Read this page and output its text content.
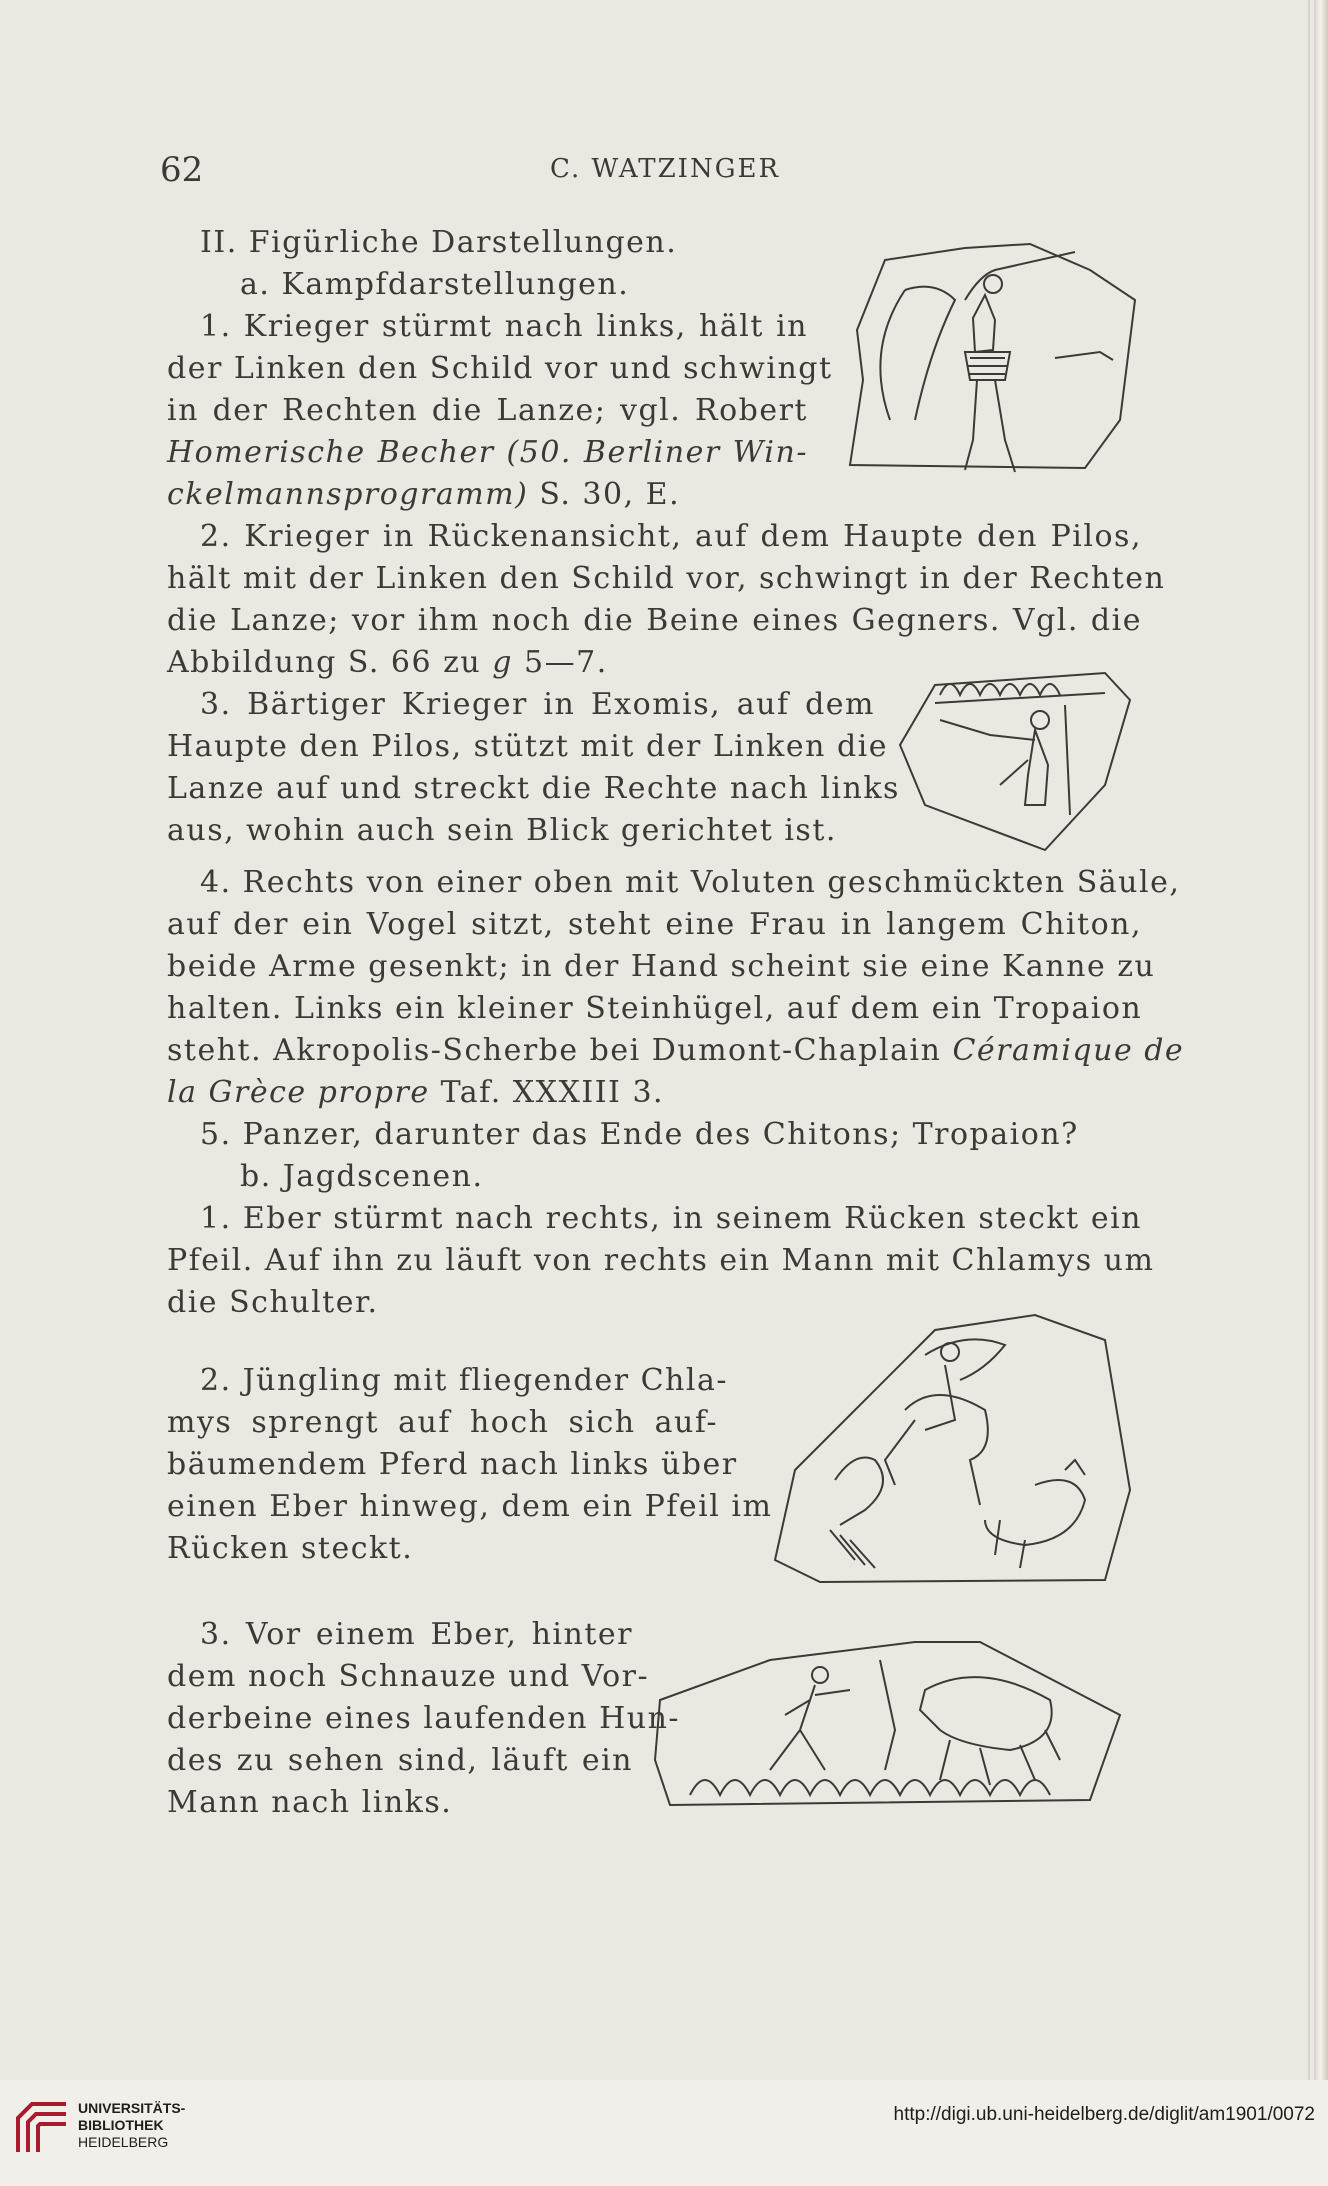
62	C. WATZINGER

II. Figürliche Darstellungen.

a. Kampfdarstellungen.

1. Krieger stürmt nach links, hält in

der Linken den Schild vor und schwingt

in der Rechten die Lanze; vgl. Robert

Homerische Becher (50. Berliner Win-

ckelmannsprogramm) S. 30, E.

2. Krieger in Rückenansicht, auf dem Haupte den Pilos,

hält mit der Linken den Schild vor, schwingt in der Rechten

die Lanze; vor ihm noch die Beine eines Gegners. Vgl. die

Abbildung S. 66 zu g 5—7.

3. Bärtiger Krieger in Exomis, auf dem

Haupte den Pilos, stützt mit der Linken die

Lanze auf und streckt die Rechte nach links

aus, wohin auch sein Blick gerichtet ist.

4. Rechts von einer oben mit Voluten geschmückten Säule,

auf der ein Vogel sitzt, steht eine Frau in langem Chiton,

beide Arme gesenkt; in der Hand scheint sie eine Kanne zu

halten. Links ein kleiner Steinhügel, auf dem ein Tropaion

steht. Akropolis-Scherbe bei Dumont-Chaplain Céramique de

la Grèce propre Taf. XXXIII 3.

5. Panzer, darunter das Ende des Chitons; Tropaion?

b. Jagdscenen.

1. Eber stürmt nach rechts, in seinem Rücken steckt ein

Pfeil. Auf ihn zu läuft von rechts ein Mann mit Chlamys um

die Schulter.

2. Jüngling mit fliegender Chla-

mys sprengt auf hoch sich auf-

bäumendem Pferd nach links über

einen Eber hinweg, dem ein Pfeil im

Rücken steckt.

3. Vor einem Eber, hinter

dem noch Schnauze und Vor-

derbeine eines laufenden Hun-

des zu sehen sind, läuft ein

Mann nach links.

UNIVERSITÄTS-
BIBLIOTHEK
HEIDELBERG
http://digi.ub.uni-heidelberg.de/diglit/am1901/0072
